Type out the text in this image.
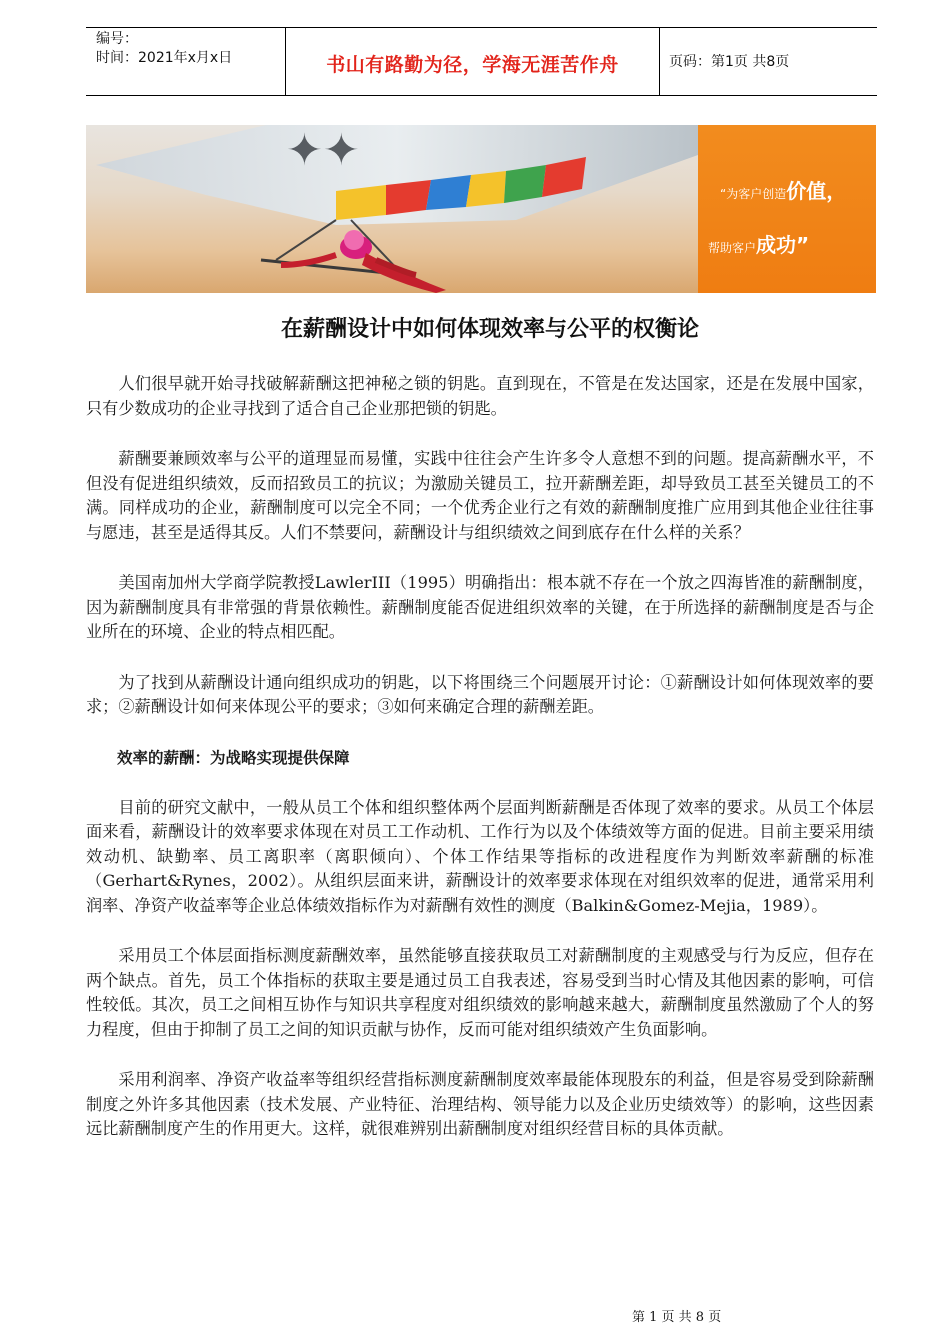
编号：
时间：2021年x月x日	书山有路勤为径，学海无涯苦作舟	页码：第1页 共8页
✦✦
“为客户创造价值，
帮助客户成功”
在薪酬设计中如何体现效率与公平的权衡论

人们很早就开始寻找破解薪酬这把神秘之锁的钥匙。直到现在，不管是在发达国家，还是在发展中国家，只有少数成功的企业寻找到了适合自己企业那把锁的钥匙。

薪酬要兼顾效率与公平的道理显而易懂，实践中往往会产生许多令人意想不到的问题。提高薪酬水平，不但没有促进组织绩效，反而招致员工的抗议；为激励关键员工，拉开薪酬差距，却导致员工甚至关键员工的不满。同样成功的企业，薪酬制度可以完全不同；一个优秀企业行之有效的薪酬制度推广应用到其他企业往往事与愿违，甚至是适得其反。人们不禁要问，薪酬设计与组织绩效之间到底存在什么样的关系？

美国南加州大学商学院教授LawlerIII（1995）明确指出：根本就不存在一个放之四海皆准的薪酬制度，因为薪酬制度具有非常强的背景依赖性。薪酬制度能否促进组织效率的关键，在于所选择的薪酬制度是否与企业所在的环境、企业的特点相匹配。

为了找到从薪酬设计通向组织成功的钥匙，以下将围绕三个问题展开讨论：①薪酬设计如何体现效率的要求；②薪酬设计如何来体现公平的要求；③如何来确定合理的薪酬差距。

效率的薪酬：为战略实现提供保障

目前的研究文献中，一般从员工个体和组织整体两个层面判断薪酬是否体现了效率的要求。从员工个体层面来看，薪酬设计的效率要求体现在对员工工作动机、工作行为以及个体绩效等方面的促进。目前主要采用绩效动机、缺勤率、员工离职率（离职倾向）、个体工作结果等指标的改进程度作为判断效率薪酬的标准（Gerhart&Rynes，2002）。从组织层面来讲，薪酬设计的效率要求体现在对组织效率的促进，通常采用利润率、净资产收益率等企业总体绩效指标作为对薪酬有效性的测度（Balkin&Gomez-Mejia，1989）。

采用员工个体层面指标测度薪酬效率，虽然能够直接获取员工对薪酬制度的主观感受与行为反应，但存在两个缺点。首先，员工个体指标的获取主要是通过员工自我表述，容易受到当时心情及其他因素的影响，可信性较低。其次，员工之间相互协作与知识共享程度对组织绩效的影响越来越大，薪酬制度虽然激励了个人的努力程度，但由于抑制了员工之间的知识贡献与协作，反而可能对组织绩效产生负面影响。

采用利润率、净资产收益率等组织经营指标测度薪酬制度效率最能体现股东的利益，但是容易受到除薪酬制度之外许多其他因素（技术发展、产业特征、治理结构、领导能力以及企业历史绩效等）的影响，这些因素远比薪酬制度产生的作用更大。这样，就很难辨别出薪酬制度对组织经营目标的具体贡献。

第 1 页 共 8 页
